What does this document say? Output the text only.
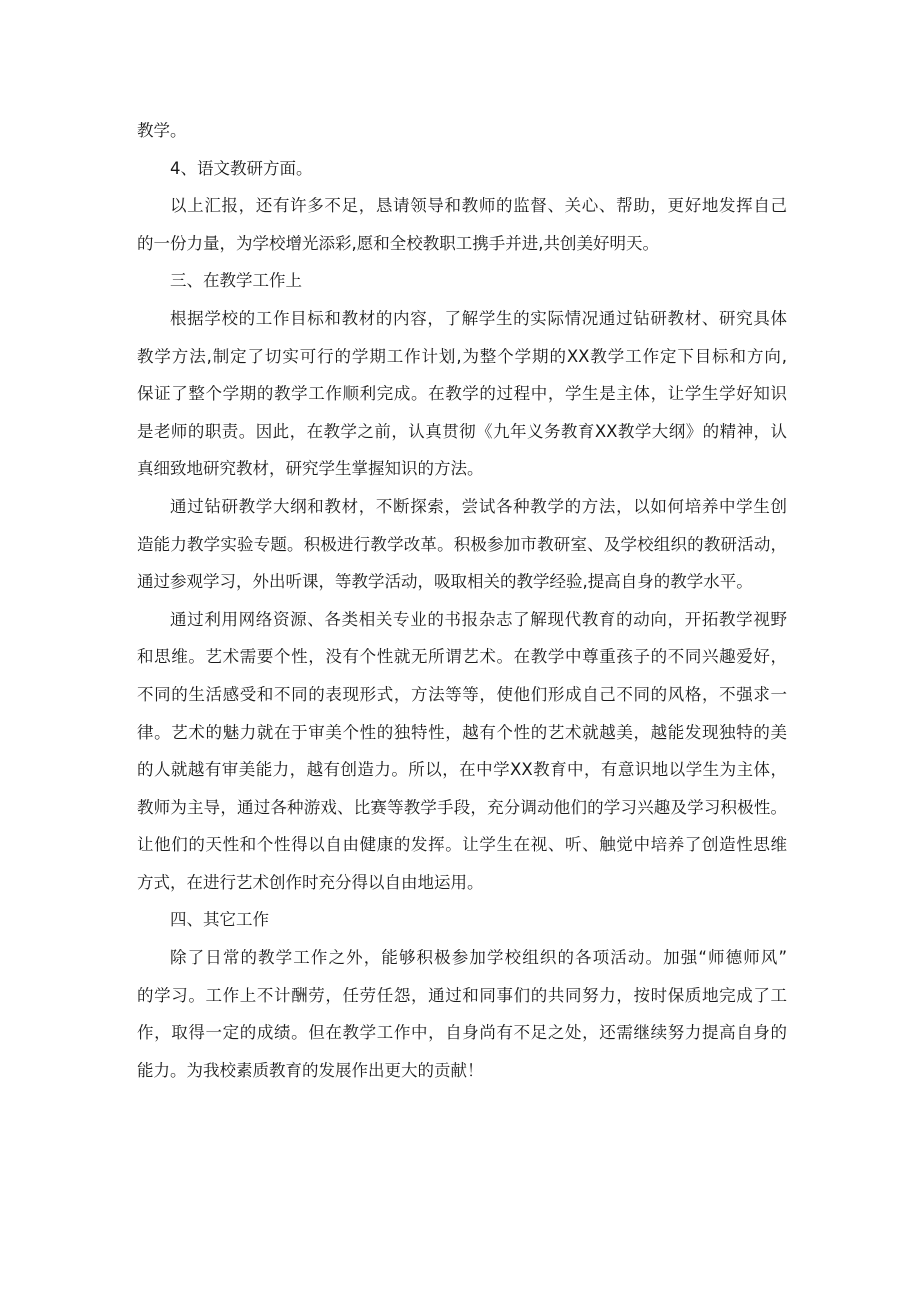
教学。
4、语文教研方面。
以上汇报，还有许多不足，恳请领导和教师的监督、关心、帮助，更好地发挥自己
的一份力量，为学校增光添彩,愿和全校教职工携手并进,共创美好明天。
三、在教学工作上
根据学校的工作目标和教材的内容，了解学生的实际情况通过钻研教材、研究具体
教学方法,制定了切实可行的学期工作计划,为整个学期的XX教学工作定下目标和方向,
保证了整个学期的教学工作顺利完成。在教学的过程中，学生是主体，让学生学好知识
是老师的职责。因此，在教学之前，认真贯彻《九年义务教育XX教学大纲》的精神，认
真细致地研究教材，研究学生掌握知识的方法。
通过钻研教学大纲和教材，不断探索，尝试各种教学的方法，以如何培养中学生创
造能力教学实验专题。积极进行教学改革。积极参加市教研室、及学校组织的教研活动，
通过参观学习，外出听课，等教学活动，吸取相关的教学经验,提高自身的教学水平。
通过利用网络资源、各类相关专业的书报杂志了解现代教育的动向，开拓教学视野
和思维。艺术需要个性，没有个性就无所谓艺术。在教学中尊重孩子的不同兴趣爱好，
不同的生活感受和不同的表现形式，方法等等，使他们形成自己不同的风格，不强求一
律。艺术的魅力就在于审美个性的独特性，越有个性的艺术就越美，越能发现独特的美
的人就越有审美能力，越有创造力。所以，在中学XX教育中，有意识地以学生为主体，
教师为主导，通过各种游戏、比赛等教学手段，充分调动他们的学习兴趣及学习积极性。
让他们的天性和个性得以自由健康的发挥。让学生在视、听、触觉中培养了创造性思维
方式，在进行艺术创作时充分得以自由地运用。
四、其它工作
除了日常的教学工作之外，能够积极参加学校组织的各项活动。加强“师德师风”
的学习。工作上不计酬劳，任劳任怨，通过和同事们的共同努力，按时保质地完成了工
作，取得一定的成绩。但在教学工作中，自身尚有不足之处，还需继续努力提高自身的
能力。为我校素质教育的发展作出更大的贡献！
